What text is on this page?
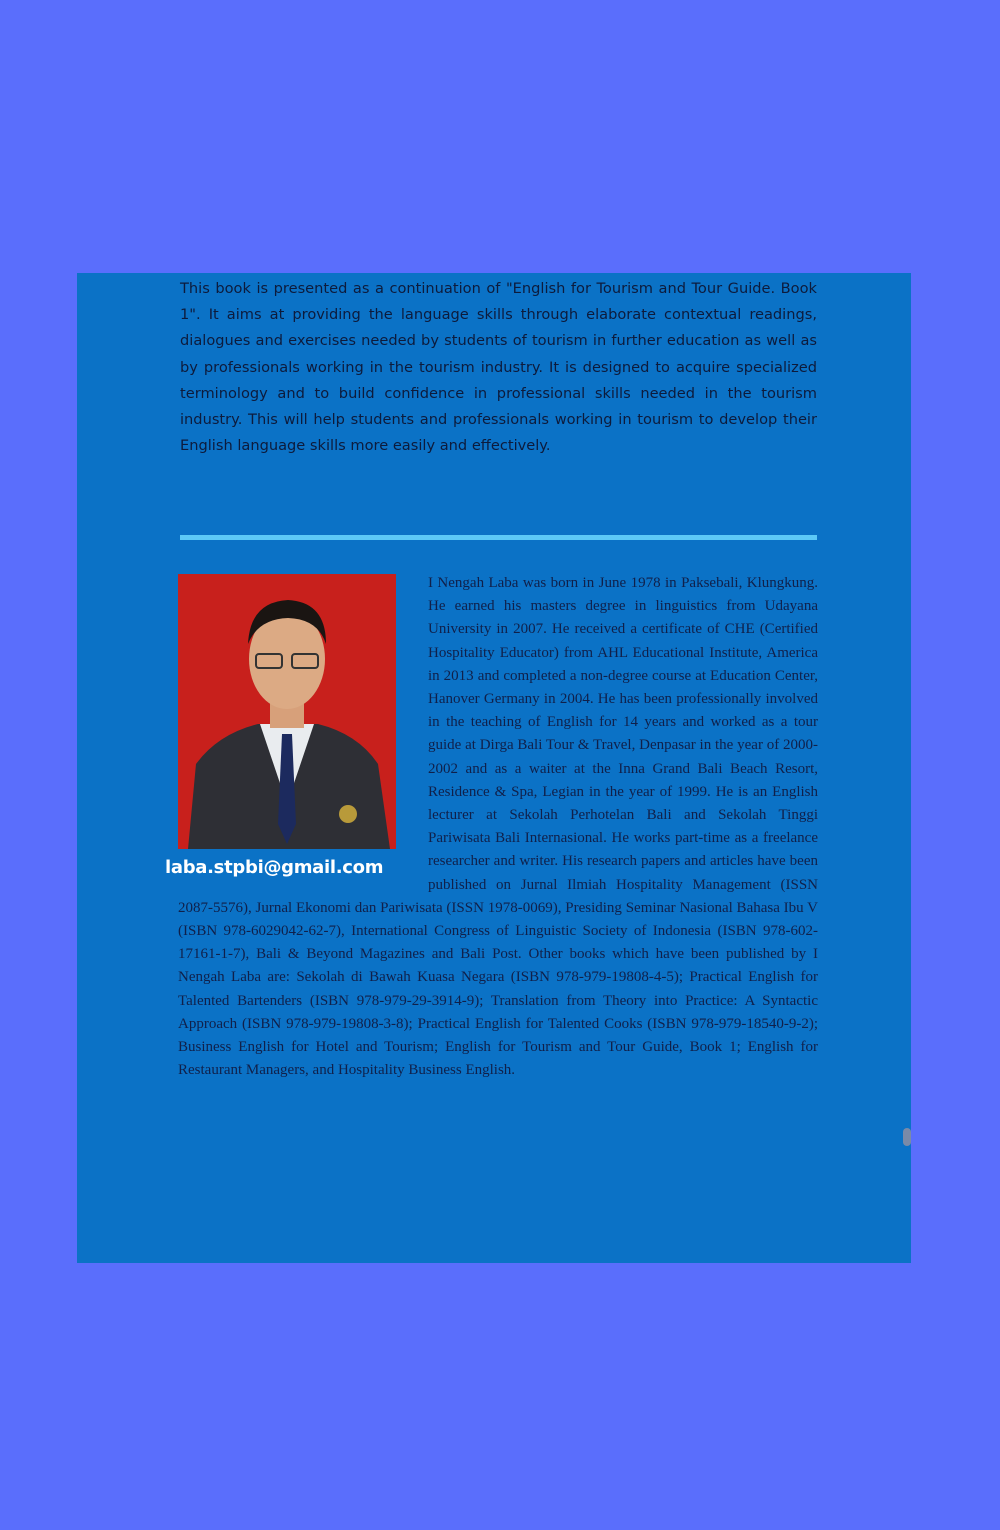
This book is presented as a continuation of "English for Tourism and Tour Guide. Book 1". It aims at providing the language skills through elaborate contextual readings, dialogues and exercises needed by students of tourism in further education as well as by professionals working in the tourism industry. It is designed to acquire specialized terminology and to build confidence in professional skills needed in the tourism industry. This will help students and professionals working in tourism to develop their English language skills more easily and effectively.

laba.stpbi@gmail.com
I Nengah Laba was born in June 1978 in Paksebali, Klungkung. He earned his masters degree in linguistics from Udayana University in 2007. He received a certificate of CHE (Certified Hospitality Educator) from AHL Educational Institute, America in 2013 and completed a non-degree course at Education Center, Hanover Germany in 2004. He has been professionally involved in the teaching of English for 14 years and worked as a tour guide at Dirga Bali Tour & Travel, Denpasar in the year of 2000-2002 and as a waiter at the Inna Grand Bali Beach Resort, Residence & Spa, Legian in the year of 1999. He is an English lecturer at Sekolah Perhotelan Bali and Sekolah Tinggi Pariwisata Bali Internasional. He works part-time as a freelance researcher and writer. His research papers and articles have been published on Jurnal Ilmiah Hospitality Management (ISSN 2087-5576), Jurnal Ekonomi dan Pariwisata (ISSN 1978-0069), Presiding Seminar Nasional Bahasa Ibu V (ISBN 978-6029042-62-7), International Congress of Linguistic Society of Indonesia (ISBN 978-602-17161-1-7), Bali & Beyond Magazines and Bali Post. Other books which have been published by I Nengah Laba are: Sekolah di Bawah Kuasa Negara (ISBN 978-979-19808-4-5); Practical English for Talented Bartenders (ISBN 978-979-29-3914-9); Translation from Theory into Practice: A Syntactic Approach (ISBN 978-979-19808-3-8); Practical English for Talented Cooks (ISBN 978-979-18540-9-2); Business English for Hotel and Tourism; English for Tourism and Tour Guide, Book 1; English for Restaurant Managers, and Hospitality Business English.
